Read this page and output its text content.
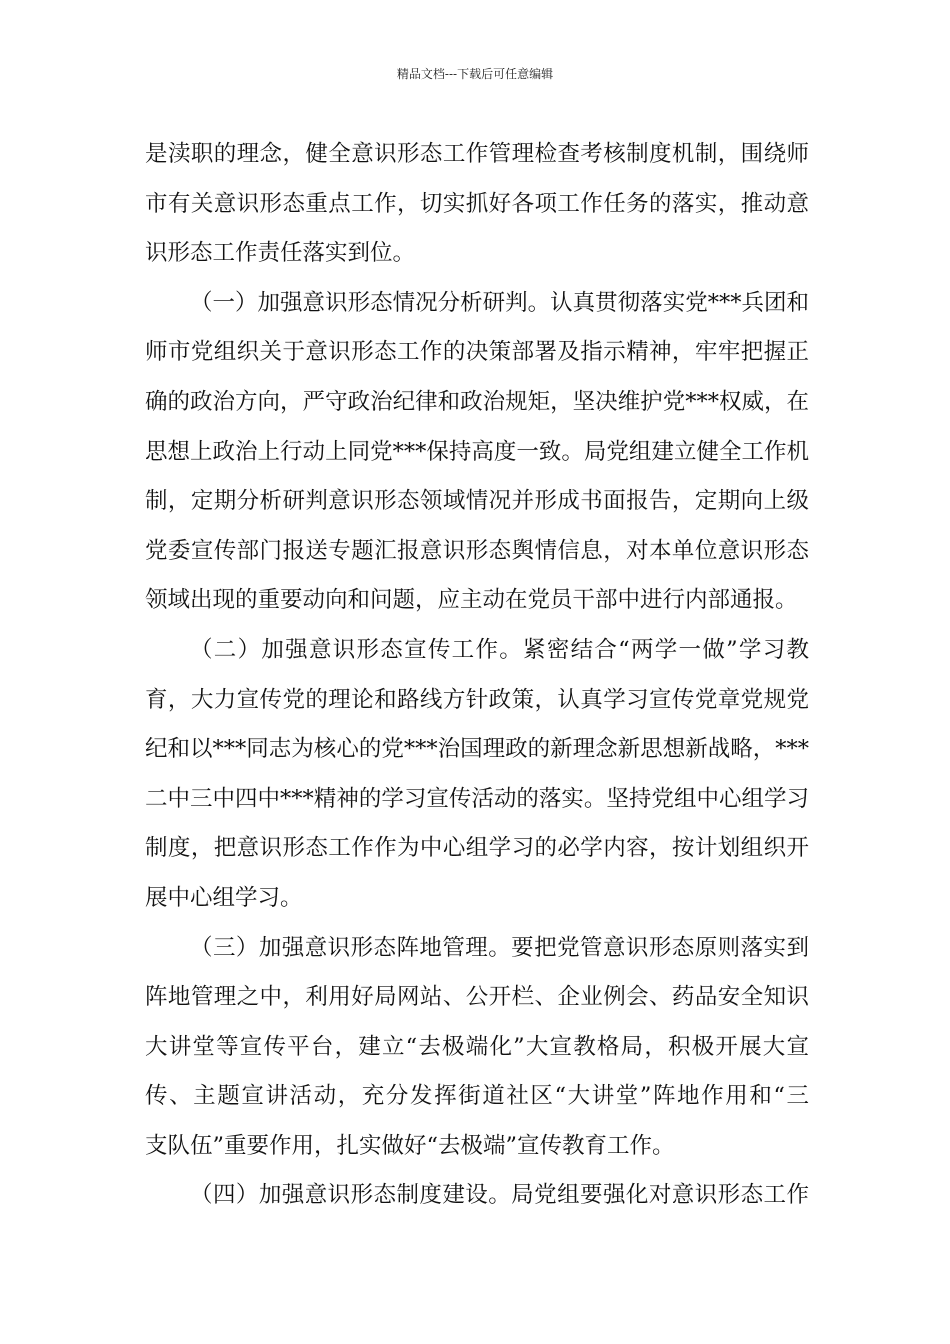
精品文档---下载后可任意编辑
是渎职的理念，健全意识形态工作管理检查考核制度机制，围绕师
市有关意识形态重点工作，切实抓好各项工作任务的落实，推动意
识形态工作责任落实到位。
（一）加强意识形态情况分析研判。认真贯彻落实党***兵团和
师市党组织关于意识形态工作的决策部署及指示精神，牢牢把握正
确的政治方向，严守政治纪律和政治规矩，坚决维护党***权威，在
思想上政治上行动上同党***保持高度一致。局党组建立健全工作机
制，定期分析研判意识形态领域情况并形成书面报告，定期向上级
党委宣传部门报送专题汇报意识形态舆情信息，对本单位意识形态
领域出现的重要动向和问题，应主动在党员干部中进行内部通报。
（二）加强意识形态宣传工作。紧密结合“两学一做”学习教
育，大力宣传党的理论和路线方针政策，认真学习宣传党章党规党
纪和以***同志为核心的党***治国理政的新理念新思想新战略，***
二中三中四中***精神的学习宣传活动的落实。坚持党组中心组学习
制度，把意识形态工作作为中心组学习的必学内容，按计划组织开
展中心组学习。
（三）加强意识形态阵地管理。要把党管意识形态原则落实到
阵地管理之中，利用好局网站、公开栏、企业例会、药品安全知识
大讲堂等宣传平台，建立“去极端化”大宣教格局，积极开展大宣
传、主题宣讲活动，充分发挥街道社区“大讲堂”阵地作用和“三
支队伍”重要作用，扎实做好“去极端”宣传教育工作。
（四）加强意识形态制度建设。局党组要强化对意识形态工作
